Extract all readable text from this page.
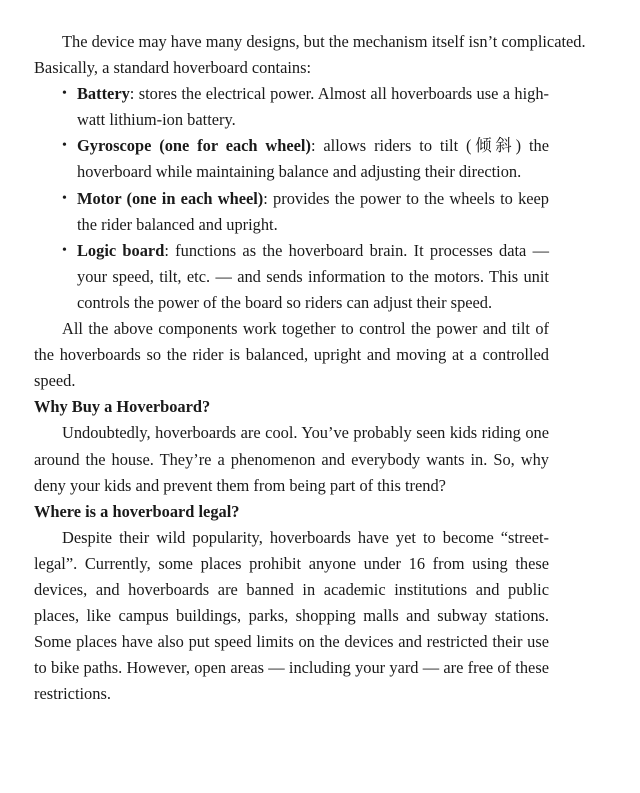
The device may have many designs, but the mechanism itself isn’t complicated.

Basically, a standard hoverboard contains:

• Battery: stores the electrical power. Almost all hoverboards use a high-watt lithium-ion battery.
• Gyroscope (one for each wheel): allows riders to tilt (倾斜) the hoverboard while maintaining balance and adjusting their direction.
• Motor (one in each wheel): provides the power to the wheels to keep the rider balanced and upright.
• Logic board: functions as the hoverboard brain. It processes data — your speed, tilt, etc. — and sends information to the motors. This unit controls the power of the board so riders can adjust their speed.

All the above components work together to control the power and tilt of the hoverboards so the rider is balanced, upright and moving at a controlled speed.

Why Buy a Hoverboard?

Undoubtedly, hoverboards are cool. You’ve probably seen kids riding one around the house. They’re a phenomenon and everybody wants in. So, why deny your kids and prevent them from being part of this trend?

Where is a hoverboard legal?

Despite their wild popularity, hoverboards have yet to become “street-legal”. Currently, some places prohibit anyone under 16 from using these devices, and hoverboards are banned in academic institutions and public places, like campus buildings, parks, shopping malls and subway stations. Some places have also put speed limits on the devices and restricted their use to bike paths. However, open areas — including your yard — are free of these restrictions.
